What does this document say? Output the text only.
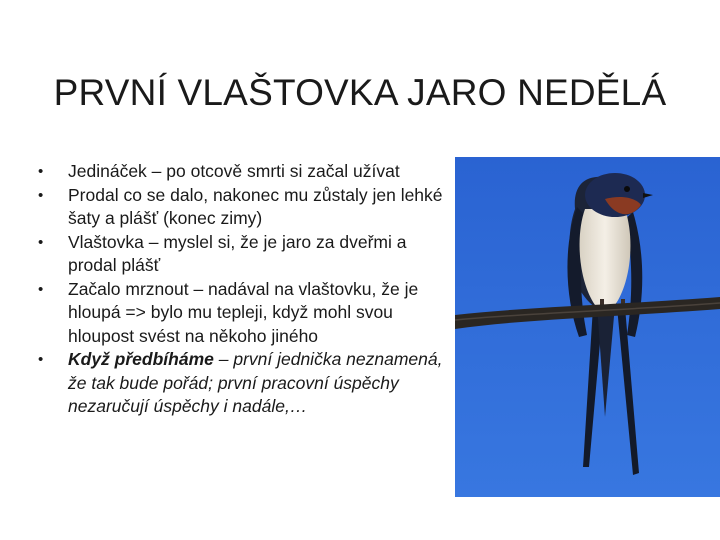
PRVNÍ VLAŠTOVKA JARO NEDĚLÁ
•	Jedináček – po otcově smrti si začal užívat
•	Prodal co se dalo, nakonec mu zůstaly jen lehké šaty a plášť (konec zimy)
•	Vlaštovka – myslel si, že je jaro za dveřmi a prodal plášť
•	Začalo mrznout – nadával na vlaštovku, že je hloupá => bylo mu tepleji, když mohl svou hloupost svést na někoho jiného
•	Když předbíháme – první jednička neznamená, že tak bude pořád; první pracovní úspěchy nezaručují úspěchy i nadále,…
